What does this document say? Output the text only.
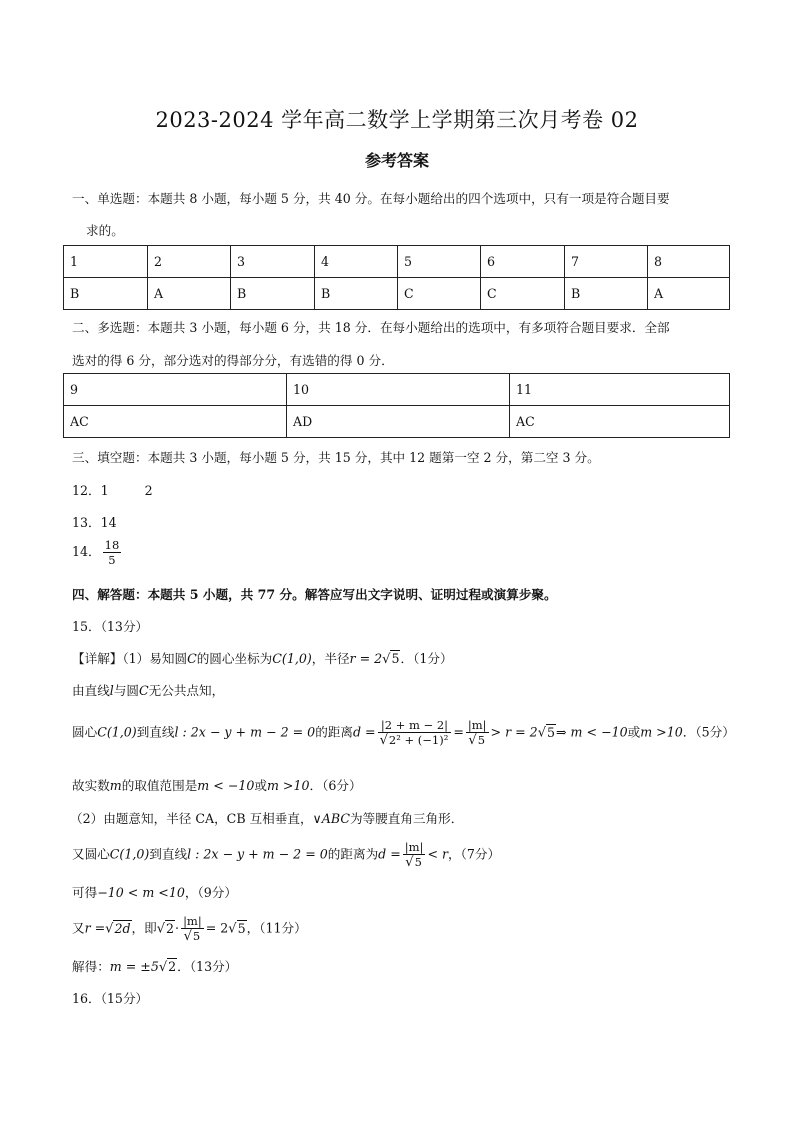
2023-2024 学年高二数学上学期第三次月考卷 02
参考答案
一、单选题：本题共 8 小题，每小题 5 分，共 40 分。在每小题给出的四个选项中，只有一项是符合题目要
求的。
1	2	3	4	5	6	7	8
B	A	B	B	C	C	B	A
二、多选题：本题共 3 小题，每小题 6 分，共 18 分．在每小题给出的选项中，有多项符合题目要求．全部
选对的得 6 分，部分选对的得部分分，有选错的得 0 分．
9	10	11
AC	AD	AC
三、填空题：本题共 3 小题，每小题 5 分，共 15 分，其中 12 题第一空 2 分，第二空 3 分。
12．1	2
13．14
14． $\frac{18}{5}$
四、解答题：本题共 5 小题，共 77 分。解答应写出文字说明、证明过程或演算步聚。
15．（13分）
【详解】（1）易知圆C的圆心坐标为C(1,0)，半径r = 2√5．（1分）
由直线l与圆C无公共点知，
圆心C(1,0)到直线l : 2x − y + m − 2 = 0的距离$d = \frac{|2 + m - 2|}{\text{√2² + (−1)²}} = \frac{|m|}{√5} > r$ = 2√5⇒ m < −10或m >10．（5分）
故实数m的取值范围是m < −10或m >10．（6分）
（2）由题意知，半径 CA，CB 互相垂直，∨ABC为等腰直角三角形．
又圆心C(1,0)到直线l : 2x − y + m − 2 = 0的距离为$d = \frac{|m|}{√5} < r$，（7分）
可得−10 < m <10，（9分）
又r =√2d，即$√2\cdot \frac{|m|}{√5} = 2√5$，（11分）
解得：m = ±5√2．（13分）
16．（15分）
